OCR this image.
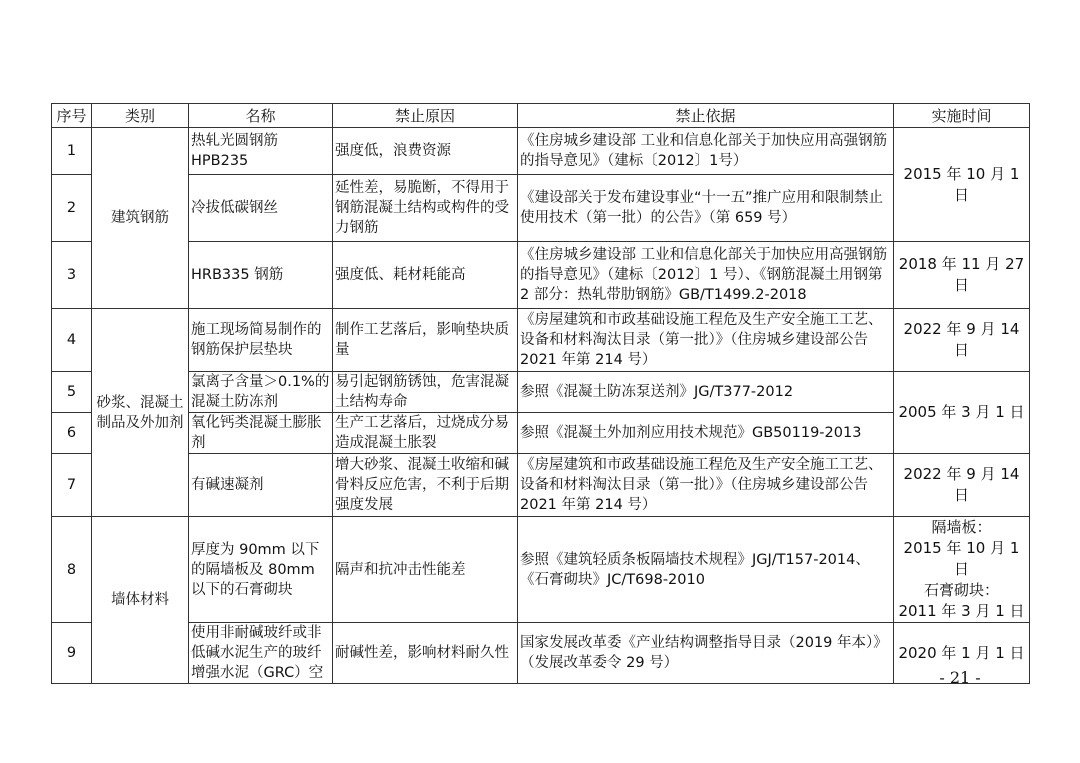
序号	类别	名称	禁止原因	禁止依据	实施时间
1	建筑钢筋	热轧光圆钢筋HPB235	强度低，浪费资源	《住房城乡建设部 工业和信息化部关于加快应用高强钢筋的指导意见》（建标〔2012〕1号）	2015 年 10 月 1 日
2		冷拔低碳钢丝	延性差，易脆断，不得用于钢筋混凝土结构或构件的受力钢筋	《建设部关于发布建设事业“十一五”推广应用和限制禁止使用技术（第一批）的公告》（第 659 号）	
3		HRB335 钢筋	强度低、耗材耗能高	《住房城乡建设部 工业和信息化部关于加快应用高强钢筋的指导意见》（建标〔2012〕1 号）、《钢筋混凝土用钢第 2 部分：热轧带肋钢筋》GB/T1499.2-2018	2018 年 11 月 27 日
4	砂浆、混凝土制品及外加剂	施工现场简易制作的钢筋保护层垫块	制作工艺落后，影响垫块质量	《房屋建筑和市政基础设施工程危及生产安全施工工艺、设备和材料淘汰目录（第一批）》（住房城乡建设部公告 2021 年第 214 号）	2022 年 9 月 14 日
5		氯离子含量＞0.1%的混凝土防冻剂	易引起钢筋锈蚀，危害混凝土结构寿命	参照《混凝土防冻泵送剂》JG/T377-2012	2005 年 3 月 1 日
6		氧化钙类混凝土膨胀剂	生产工艺落后，过烧成分易造成混凝土胀裂	参照《混凝土外加剂应用技术规范》GB50119-2013	
7		有碱速凝剂	增大砂浆、混凝土收缩和碱骨料反应危害，不利于后期强度发展	《房屋建筑和市政基础设施工程危及生产安全施工工艺、设备和材料淘汰目录（第一批）》（住房城乡建设部公告 2021 年第 214 号）	2022 年 9 月 14 日
8	墙体材料	厚度为 90mm 以下的隔墙板及 80mm 以下的石膏砌块	隔声和抗冲击性能差	参照《建筑轻质条板隔墙技术规程》JGJ/T157-2014、《石膏砌块》JC/T698-2010	隔墙板：
2015 年 10 月 1 日
石膏砌块：
2011 年 3 月 1 日
9		使用非耐碱玻纤或非低碱水泥生产的玻纤增强水泥（GRC）空	耐碱性差，影响材料耐久性	国家发展改革委《产业结构调整指导目录（2019 年本）》（发展改革委令 29 号）	2020 年 1 月 1 日
- 21 -
